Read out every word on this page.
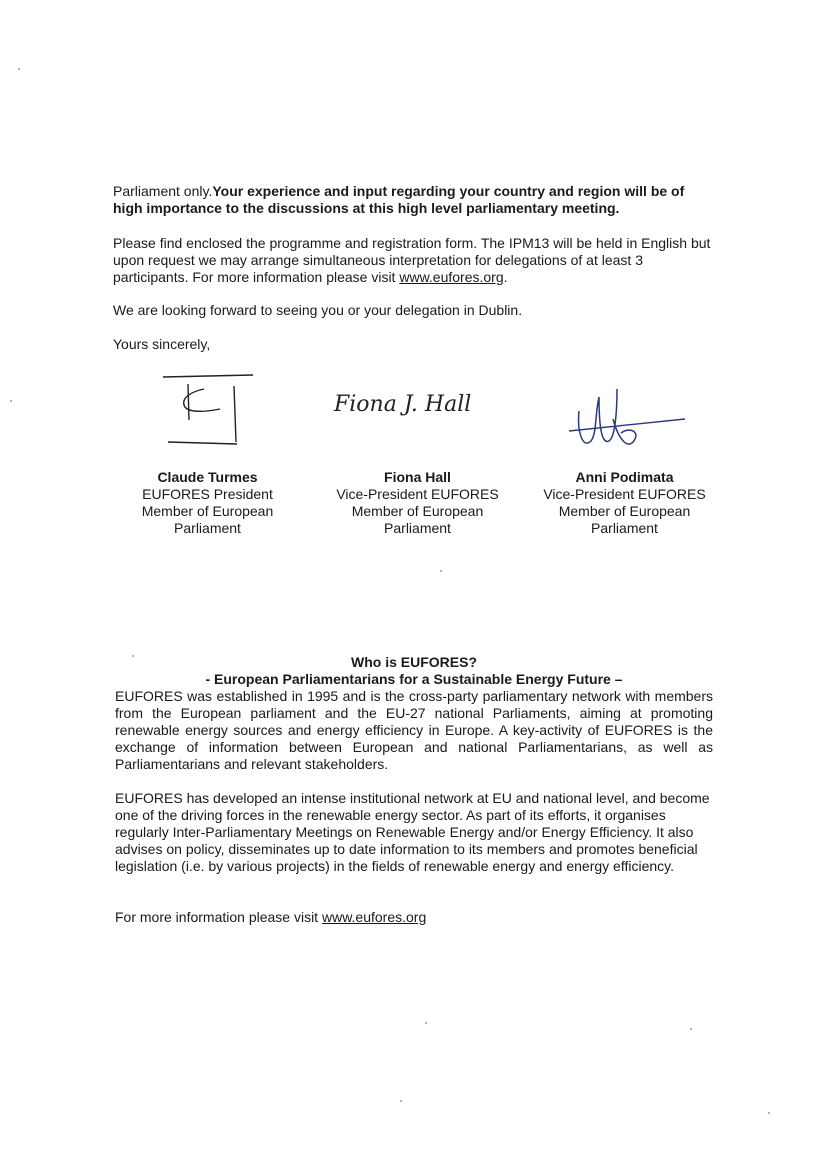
Parliament only.Your experience and input regarding your country and region will be of high importance to the discussions at this high level parliamentary meeting.
Please find enclosed the programme and registration form. The IPM13 will be held in English but upon request we may arrange simultaneous interpretation for delegations of at least 3 participants. For more information please visit www.eufores.org.
We are looking forward to seeing you or your delegation in Dublin.
Yours sincerely,
Fiona J. Hall
Claude Turmes
EUFORES President
Member of European
Parliament
Fiona Hall
Vice-President EUFORES
Member of European
Parliament
Anni Podimata
Vice-President EUFORES
Member of European
Parliament
Who is EUFORES?
- European Parliamentarians for a Sustainable Energy Future –
EUFORES was established in 1995 and is the cross-party parliamentary network with members from the European parliament and the EU-27 national Parliaments, aiming at promoting renewable energy sources and energy efficiency in Europe. A key-activity of EUFORES is the exchange of information between European and national Parliamentarians, as well as Parliamentarians and relevant stakeholders.
EUFORES has developed an intense institutional network at EU and national level, and become one of the driving forces in the renewable energy sector. As part of its efforts, it organises regularly Inter-Parliamentary Meetings on Renewable Energy and/or Energy Efficiency. It also advises on policy, disseminates up to date information to its members and promotes beneficial legislation (i.e. by various projects) in the fields of renewable energy and energy efficiency.
For more information please visit www.eufores.org
